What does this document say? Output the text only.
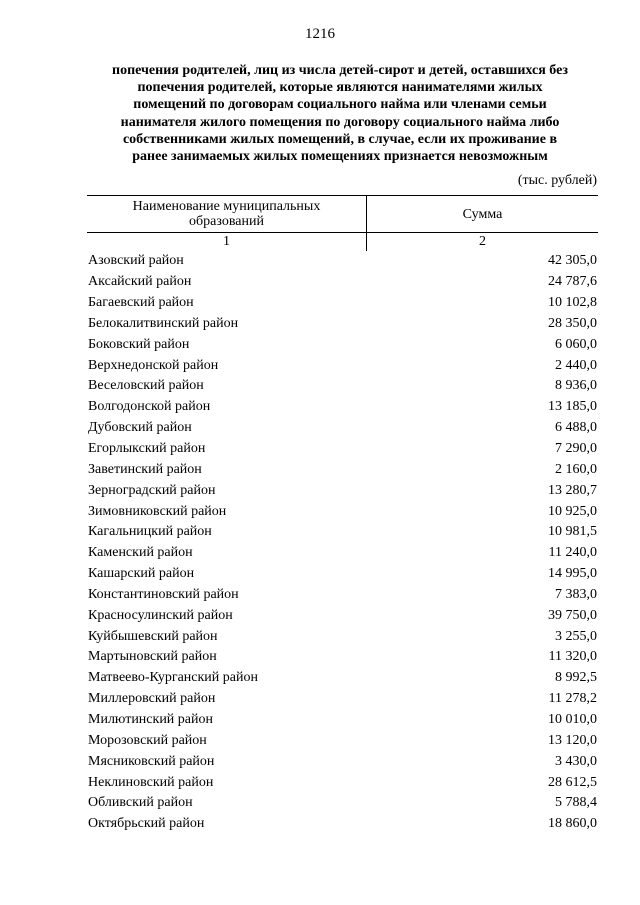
1216
попечения родителей, лиц из числа детей-сирот и детей, оставшихся без
попечения родителей, которые являются нанимателями жилых
помещений по договорам социального найма или членами семьи
нанимателя жилого помещения по договору социального найма либо
собственниками жилых помещений, в случае, если их проживание в
ранее занимаемых жилых помещениях признается невозможным
(тыс. рублей)
Наименование муниципальных
образований	Сумма
1	2
Азовский район	42 305,0
Аксайский район	24 787,6
Багаевский район	10 102,8
Белокалитвинский район	28 350,0
Боковский район	6 060,0
Верхнедонской район	2 440,0
Веселовский район	8 936,0
Волгодонской район	13 185,0
Дубовский район	6 488,0
Егорлыкский район	7 290,0
Заветинский район	2 160,0
Зерноградский район	13 280,7
Зимовниковский район	10 925,0
Кагальницкий район	10 981,5
Каменский район	11 240,0
Кашарский район	14 995,0
Константиновский район	7 383,0
Красносулинский район	39 750,0
Куйбышевский район	3 255,0
Мартыновский район	11 320,0
Матвеево-Курганский район	8 992,5
Миллеровский район	11 278,2
Милютинский район	10 010,0
Морозовский район	13 120,0
Мясниковский район	3 430,0
Неклиновский район	28 612,5
Обливский район	5 788,4
Октябрьский район	18 860,0
